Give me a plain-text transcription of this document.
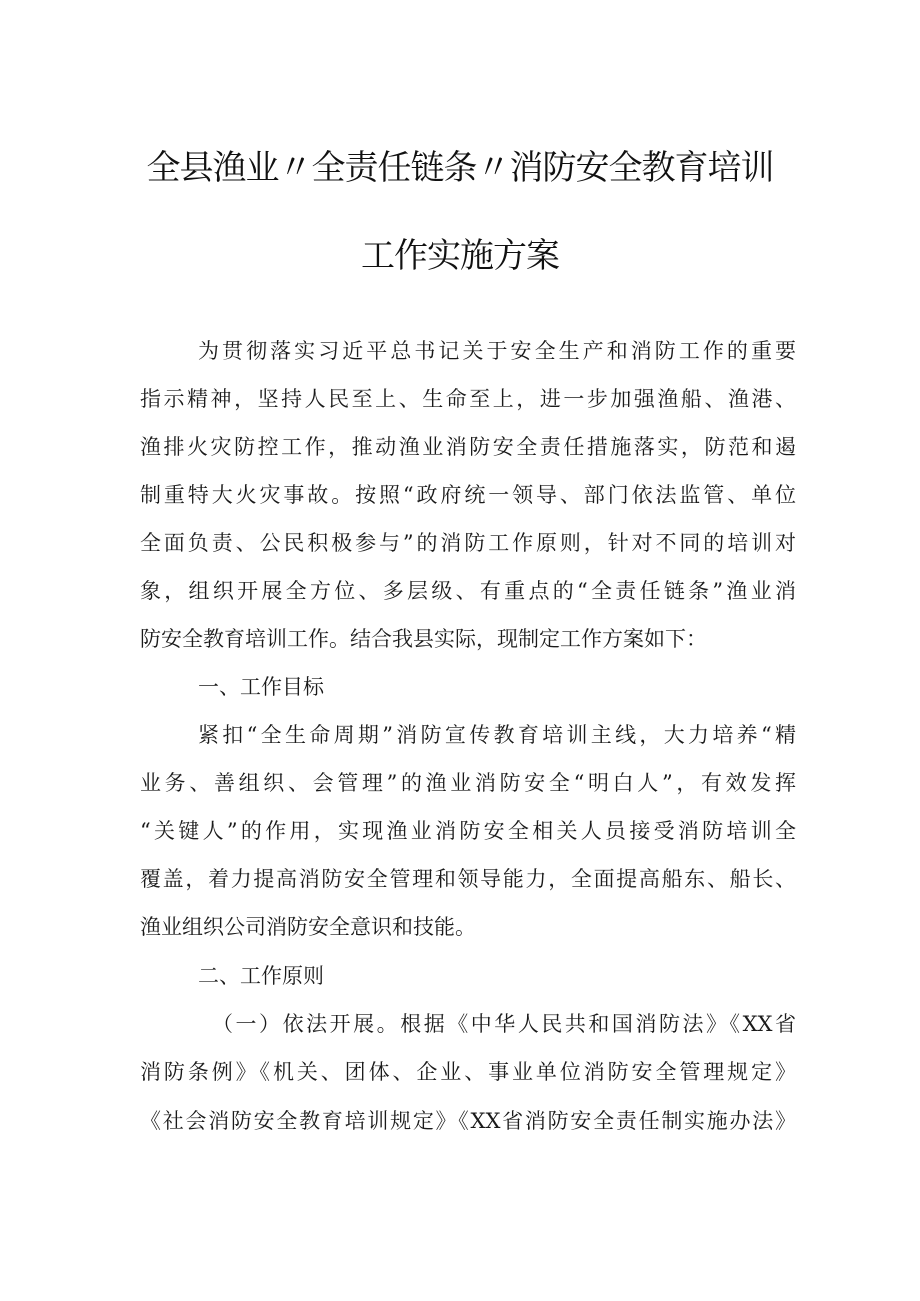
全县渔业〃全责任链条〃消防安全教育培训
工作实施方案
为贯彻落实习近平总书记关于安全生产和消防工作的重要
指示精神，坚持人民至上、生命至上，进一步加强渔船、渔港、
渔排火灾防控工作，推动渔业消防安全责任措施落实，防范和遏
制重特大火灾事故。按照“政府统一领导、部门依法监管、单位
全面负责、公民积极参与”的消防工作原则，针对不同的培训对
象，组织开展全方位、多层级、有重点的“全责任链条”渔业消
防安全教育培训工作。结合我县实际，现制定工作方案如下：
一、工作目标
紧扣“全生命周期”消防宣传教育培训主线，大力培养“精
业务、善组织、会管理”的渔业消防安全“明白人”，有效发挥
“关键人”的作用，实现渔业消防安全相关人员接受消防培训全
覆盖，着力提高消防安全管理和领导能力，全面提高船东、船长、
渔业组织公司消防安全意识和技能。
二、工作原则
（一）依法开展。根据《中华人民共和国消防法》《XX省
消防条例》《机关、团体、企业、事业单位消防安全管理规定》
《社会消防安全教育培训规定》《XX省消防安全责任制实施办法》
